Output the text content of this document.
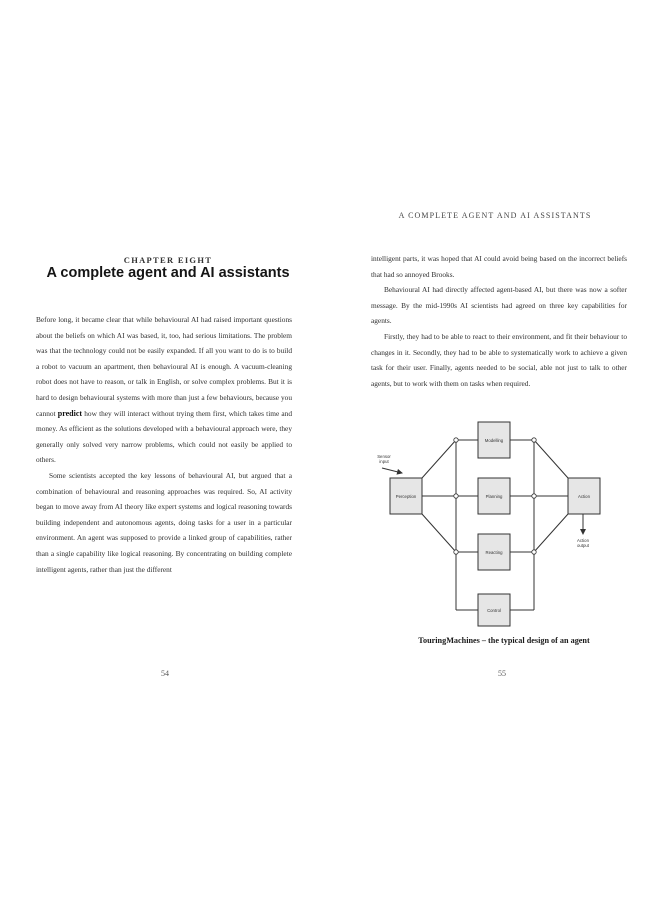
CHAPTER EIGHT
A complete agent and AI assistants

Before long, it became clear that while behavioural AI had raised important questions about the beliefs on which AI was based, it, too, had serious limitations. The problem was that the technology could not be easily expanded. If all you want to do is to build a robot to vacuum an apartment, then behavioural AI is enough. A vacuum-cleaning robot does not have to reason, or talk in English, or solve complex problems. But it is hard to design behavioural systems with more than just a few behaviours, because you cannot predict how they will interact without trying them first, which takes time and money. As efficient as the solutions developed with a behavioural approach were, they generally only solved very narrow problems, which could not easily be applied to others.

Some scientists accepted the key lessons of behavioural AI, but argued that a combination of behavioural and reasoning approaches was required. So, AI activity began to move away from AI theory like expert systems and logical reasoning towards building independent and autonomous agents, doing tasks for a user in a particular environment. An agent was supposed to provide a linked group of capabilities, rather than a single capability like logical reasoning. By concentrating on building complete intelligent agents, rather than just the different

54
A COMPLETE AGENT AND AI ASSISTANTS

intelligent parts, it was hoped that AI could avoid being based on the incorrect beliefs that had so annoyed Brooks.

Behavioural AI had directly affected agent-based AI, but there was now a softer message. By the mid-1990s AI scientists had agreed on three key capabilities for agents.

Firstly, they had to be able to react to their environment, and fit their behaviour to changes in it. Secondly, they had to be able to systematically work to achieve a given task for their user. Finally, agents needed to be social, able not just to talk to other agents, but to work with them on tasks when required.

55
Sensor
input
Perception
Modelling
Planning
Reacting
Control
Action
Action
output
TouringMachines – the typical design of an agent
